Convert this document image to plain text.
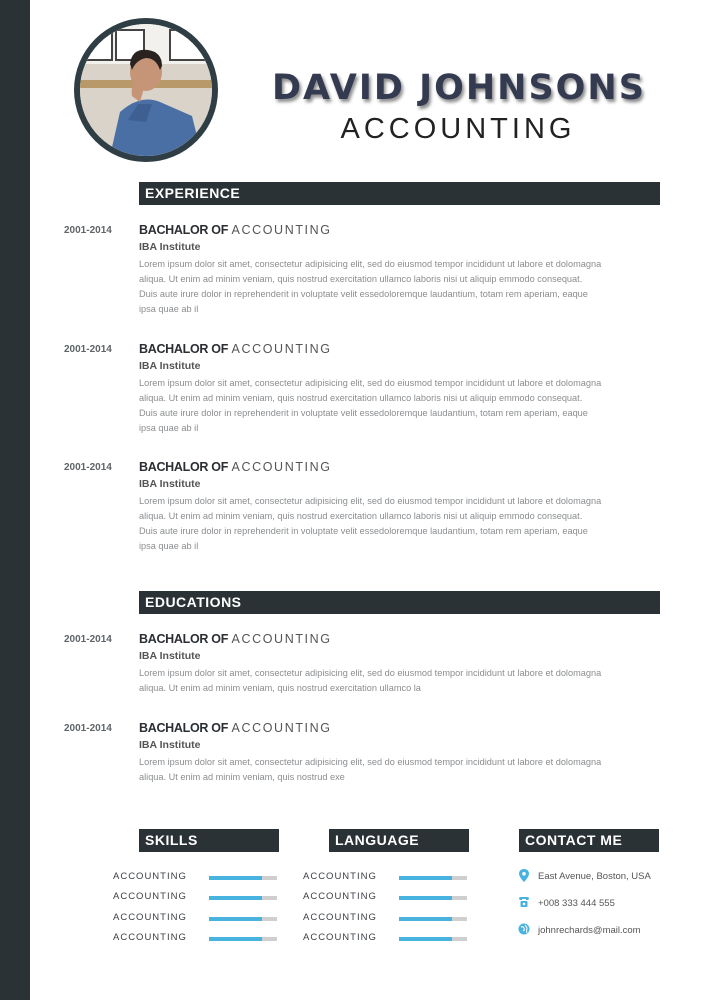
DAVID JOHNSONS
ACCOUNTING
EXPERIENCE
2001-2014 BACHALOR OF ACCOUNTING
IBA Institute
Lorem ipsum dolor sit amet, consectetur adipisicing elit, sed do eiusmod tempor incididunt ut labore et dolomagna
aliqua. Ut enim ad minim veniam, quis nostrud exercitation ullamco laboris nisi ut aliquip emmodo consequat.
Duis aute irure dolor in reprehenderit in voluptate velit essedoloremque laudantium, totam rem aperiam, eaque
ipsa quae ab il
2001-2014 BACHALOR OF ACCOUNTING
IBA Institute
Lorem ipsum dolor sit amet, consectetur adipisicing elit, sed do eiusmod tempor incididunt ut labore et dolomagna
aliqua. Ut enim ad minim veniam, quis nostrud exercitation ullamco laboris nisi ut aliquip emmodo consequat.
Duis aute irure dolor in reprehenderit in voluptate velit essedoloremque laudantium, totam rem aperiam, eaque
ipsa quae ab il
2001-2014 BACHALOR OF ACCOUNTING
IBA Institute
Lorem ipsum dolor sit amet, consectetur adipisicing elit, sed do eiusmod tempor incididunt ut labore et dolomagna
aliqua. Ut enim ad minim veniam, quis nostrud exercitation ullamco laboris nisi ut aliquip emmodo consequat.
Duis aute irure dolor in reprehenderit in voluptate velit essedoloremque laudantium, totam rem aperiam, eaque
ipsa quae ab il
EDUCATIONS
2001-2014 BACHALOR OF ACCOUNTING
IBA Institute
Lorem ipsum dolor sit amet, consectetur adipisicing elit, sed do eiusmod tempor incididunt ut labore et dolomagna
aliqua. Ut enim ad minim veniam, quis nostrud exercitation ullamco la
2001-2014 BACHALOR OF ACCOUNTING
IBA Institute
Lorem ipsum dolor sit amet, consectetur adipisicing elit, sed do eiusmod tempor incididunt ut labore et dolomagna
aliqua. Ut enim ad minim veniam, quis nostrud exe
SKILLS	LANGUAGE	CONTACT ME
ACCOUNTING
ACCOUNTING
ACCOUNTING
ACCOUNTING
ACCOUNTING
ACCOUNTING
ACCOUNTING
ACCOUNTING
East Avenue, Boston, USA
+008 333 444 555
johnrechards@mail.com
